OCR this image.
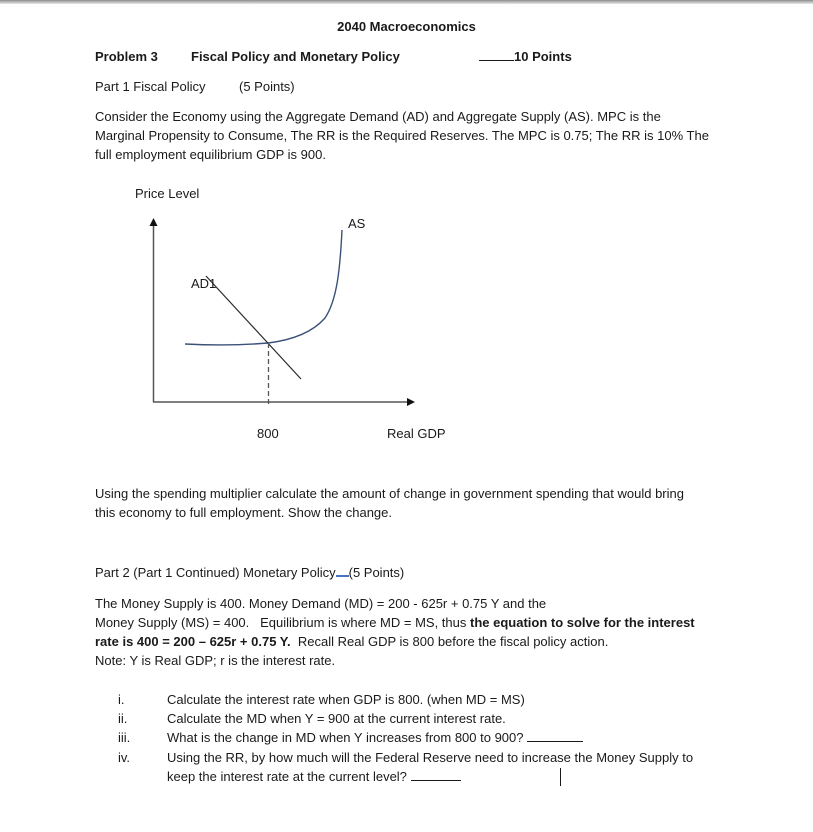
2040 Macroeconomics
Problem 3	Fiscal Policy and Monetary Policy	10 Points
Part 1 Fiscal Policy	(5 Points)
Consider the Economy using the Aggregate Demand (AD) and Aggregate Supply (AS). MPC is the
Marginal Propensity to Consume, The RR is the Required Reserves. The MPC is 0.75; The RR is 10% The
full employment equilibrium GDP is 900.
Price Level
AS
AD1
800	Real GDP
Using the spending multiplier calculate the amount of change in government spending that would bring
this economy to full employment. Show the change.
Part 2 (Part 1 Continued) Monetary Policy (5 Points)
The Money Supply is 400. Money Demand (MD) = 200 - 625r + 0.75 Y and the
Money Supply (MS) = 400.   Equilibrium is where MD = MS, thus the equation to solve for the interest
rate is 400 = 200 – 625r + 0.75 Y.  Recall Real GDP is 800 before the fiscal policy action.
Note: Y is Real GDP; r is the interest rate.
i.	Calculate the interest rate when GDP is 800. (when MD = MS)
ii.	Calculate the MD when Y = 900 at the current interest rate.
iii.	What is the change in MD when Y increases from 800 to 900?
iv.	Using the RR, by how much will the Federal Reserve need to increase the Money Supply to
keep the interest rate at the current level?
